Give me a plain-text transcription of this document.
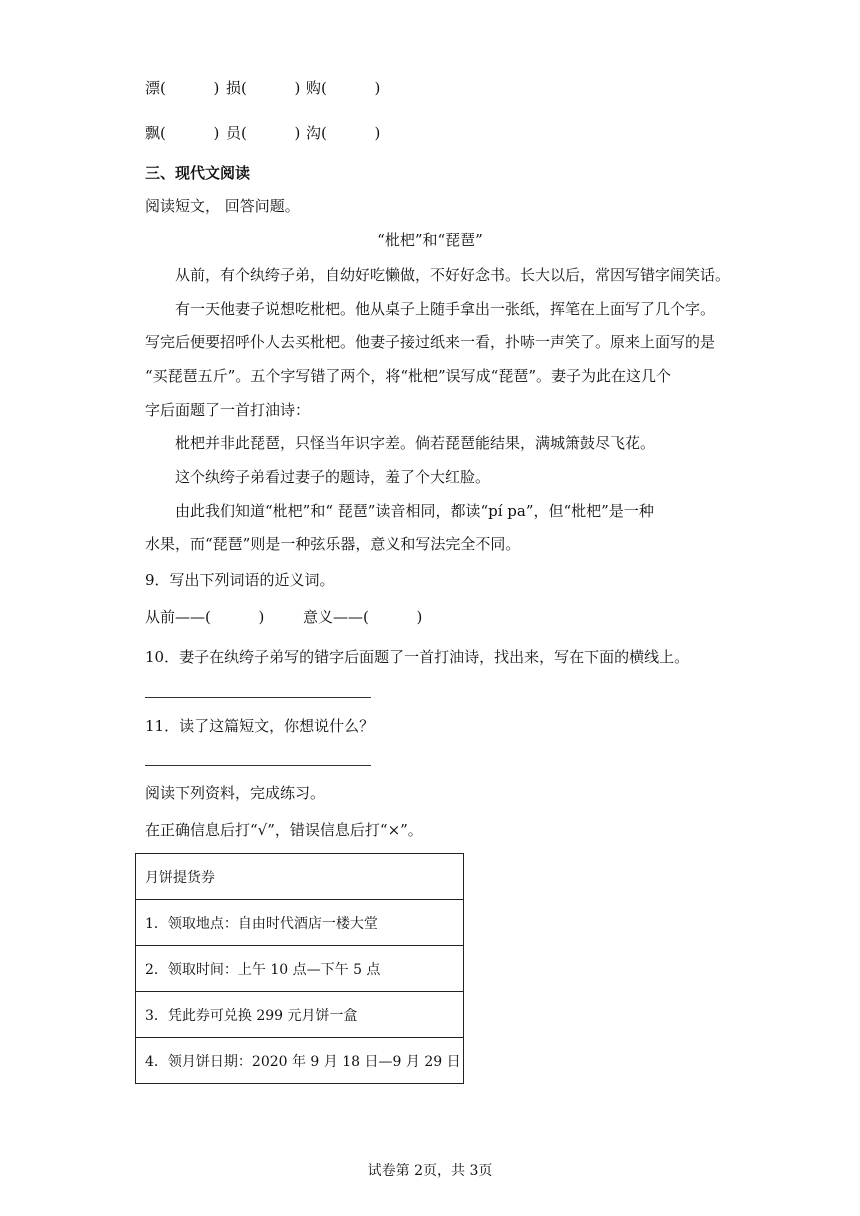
漂(          ) 损(          ) 购(          )
飘(          ) 员(          ) 沟(          )
三、现代文阅读
阅读短文， 回答问题。
“枇杷”和“琵琶”
从前，有个纨绔子弟，自幼好吃懒做，不好好念书。长大以后，常因写错字闹笑话。
有一天他妻子说想吃枇杷。他从桌子上随手拿出一张纸，挥笔在上面写了几个字。
写完后便要招呼仆人去买枇杷。他妻子接过纸来一看，扑哧一声笑了。原来上面写的是
“买琵琶五斤”。五个字写错了两个，将“枇杷”误写成“琵琶”。妻子为此在这几个
字后面题了一首打油诗：
枇杷并非此琵琶，只怪当年识字差。倘若琵琶能结果，满城箫鼓尽飞花。
这个纨绔子弟看过妻子的题诗，羞了个大红脸。
由此我们知道“枇杷”和“ 琵琶”读音相同，都读“pí pa”，但“枇杷”是一种
水果，而“琵琶”则是一种弦乐器，意义和写法完全不同。
9．写出下列词语的近义词。
从前——(          )	意义——(          )
10．妻子在纨绔子弟写的错字后面题了一首打油诗，找出来，写在下面的横线上。
11．读了这篇短文，你想说什么？
阅读下列资料，完成练习。
在正确信息后打“√”，错误信息后打“×”。
月饼提货券
1．领取地点：自由时代酒店一楼大堂
2．领取时间：上午 10 点—下午 5 点
3．凭此券可兑换 299 元月饼一盒
4．领月饼日期：2020 年 9 月 18 日—9 月 29 日
试卷第 2页，共 3页
